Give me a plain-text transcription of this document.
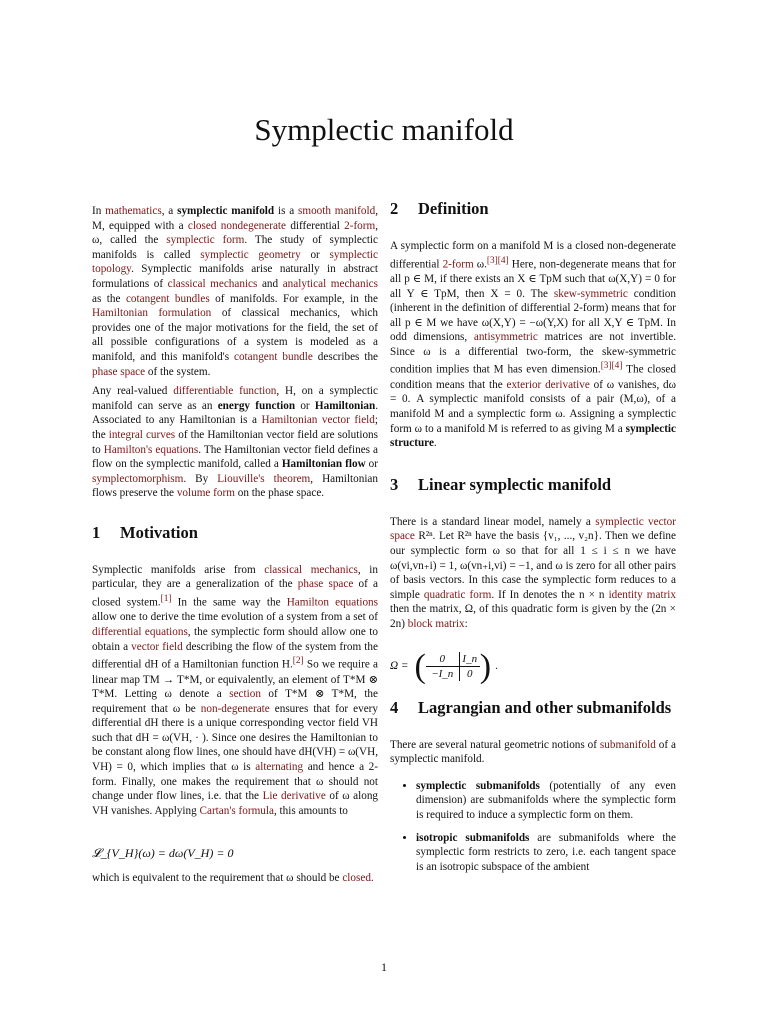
Symplectic manifold

In mathematics, a symplectic manifold is a smooth manifold, M, equipped with a closed nondegenerate differential 2-form, ω, called the symplectic form. The study of symplectic manifolds is called symplectic geometry or symplectic topology. Symplectic manifolds arise naturally in abstract formulations of classical mechanics and analytical mechanics as the cotangent bundles of manifolds. For example, in the Hamiltonian formulation of classical mechanics, which provides one of the major motivations for the field, the set of all possible configurations of a system is modeled as a manifold, and this manifold's cotangent bundle describes the phase space of the system.

Any real-valued differentiable function, H, on a symplectic manifold can serve as an energy function or Hamiltonian. Associated to any Hamiltonian is a Hamiltonian vector field; the integral curves of the Hamiltonian vector field are solutions to Hamilton's equations. The Hamiltonian vector field defines a flow on the symplectic manifold, called a Hamiltonian flow or symplectomorphism. By Liouville's theorem, Hamiltonian flows preserve the volume form on the phase space.

1	Motivation

Symplectic manifolds arise from classical mechanics, in particular, they are a generalization of the phase space of a closed system.[1] In the same way the Hamilton equations allow one to derive the time evolution of a system from a set of differential equations, the symplectic form should allow one to obtain a vector field describing the flow of the system from the differential dH of a Hamiltonian function H.[2] So we require a linear map TM → T*M, or equivalently, an element of T*M ⊗ T*M. Letting ω denote a section of T*M ⊗ T*M, the requirement that ω be non-degenerate ensures that for every differential dH there is a unique corresponding vector field VH such that dH = ω(VH, · ). Since one desires the Hamiltonian to be constant along flow lines, one should have dH(VH) = ω(VH, VH) = 0, which implies that ω is alternating and hence a 2-form. Finally, one makes the requirement that ω should not change under flow lines, i.e. that the Lie derivative of ω along VH vanishes. Applying Cartan's formula, this amounts to

𝓛_{V_H}(ω) = dω(V_H) = 0

which is equivalent to the requirement that ω should be closed.

2	Definition

A symplectic form on a manifold M is a closed non-degenerate differential 2-form ω.[3][4] Here, non-degenerate means that for all p ∈ M, if there exists an X ∈ TpM such that ω(X,Y) = 0 for all Y ∈ TpM, then X = 0. The skew-symmetric condition (inherent in the definition of differential 2-form) means that for all p ∈ M we have ω(X,Y) = −ω(Y,X) for all X,Y ∈ TpM. In odd dimensions, antisymmetric matrices are not invertible. Since ω is a differential two-form, the skew-symmetric condition implies that M has even dimension.[3][4] The closed condition means that the exterior derivative of ω vanishes, dω = 0. A symplectic manifold consists of a pair (M,ω), of a manifold M and a symplectic form ω. Assigning a symplectic form ω to a manifold M is referred to as giving M a symplectic structure.

3	Linear symplectic manifold

There is a standard linear model, namely a symplectic vector space R²ⁿ. Let R²ⁿ have the basis {v₁, ..., v₂n}. Then we define our symplectic form ω so that for all 1 ≤ i ≤ n we have ω(vi,vn₊i) = 1, ω(vn₊i,vi) = −1, and ω is zero for all other pairs of basis vectors. In this case the symplectic form reduces to a simple quadratic form. If In denotes the n × n identity matrix then the matrix, Ω, of this quadratic form is given by the (2n × 2n) block matrix:

Ω = (	0	I_n
−I_n	0 ) .
4	Lagrangian and other submanifolds

There are several natural geometric notions of submanifold of a symplectic manifold.

• symplectic submanifolds (potentially of any even dimension) are submanifolds where the symplectic form is required to induce a symplectic form on them.
• isotropic submanifolds are submanifolds where the symplectic form restricts to zero, i.e. each tangent space is an isotropic subspace of the ambient
1
